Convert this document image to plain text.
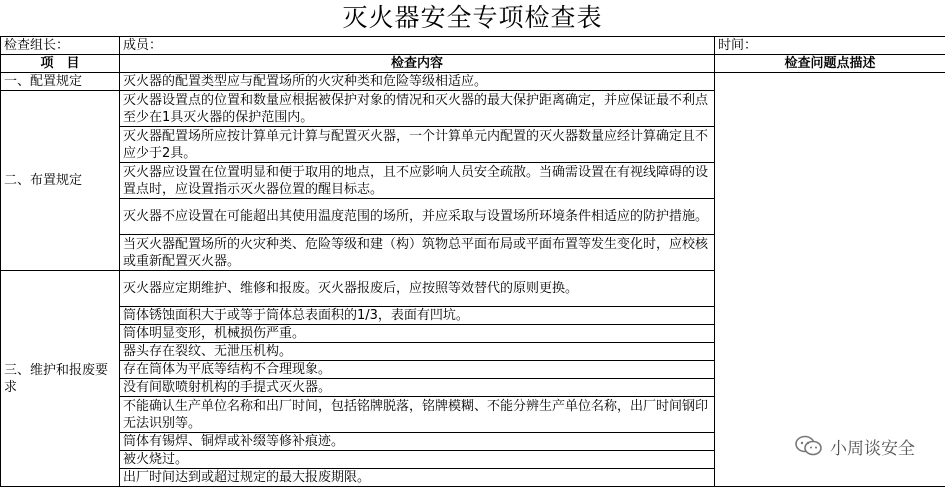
灭火器安全专项检查表
检查组长：	成员：	时间：
项　目	检查内容	检查问题点描述
一、配置规定	灭火器的配置类型应与配置场所的火灾种类和危险等级相适应。	
二、布置规定	灭火器设置点的位置和数量应根据被保护对象的情况和灭火器的最大保护距离确定，并应保证最不利点至少在1具灭火器的保护范围内。	
	灭火器配置场所应按计算单元计算与配置灭火器，一个计算单元内配置的灭火器数量应经计算确定且不应少于2具。	
	灭火器应设置在位置明显和便于取用的地点，且不应影响人员安全疏散。当确需设置在有视线障碍的设置点时，应设置指示灭火器位置的醒目标志。	
	灭火器不应设置在可能超出其使用温度范围的场所，并应采取与设置场所环境条件相适应的防护措施。	
	当灭火器配置场所的火灾种类、危险等级和建（构）筑物总平面布局或平面布置等发生变化时，应校核或重新配置灭火器。	
三、维护和报废要求	灭火器应定期维护、维修和报废。灭火器报废后，应按照等效替代的原则更换。	
	筒体锈蚀面积大于或等于筒体总表面积的1/3，表面有凹坑。	
	筒体明显变形，机械损伤严重。	
	器头存在裂纹、无泄压机构。	
	存在筒体为平底等结构不合理现象。	
	没有间歇喷射机构的手提式灭火器。	
	不能确认生产单位名称和出厂时间，包括铭牌脱落，铭牌模糊、不能分辨生产单位名称，出厂时间钢印无法识别等。	
	筒体有锡焊、铜焊或补缀等修补痕迹。	
	被火烧过。	
	出厂时间达到或超过规定的最大报废期限。	
小周谈安全
